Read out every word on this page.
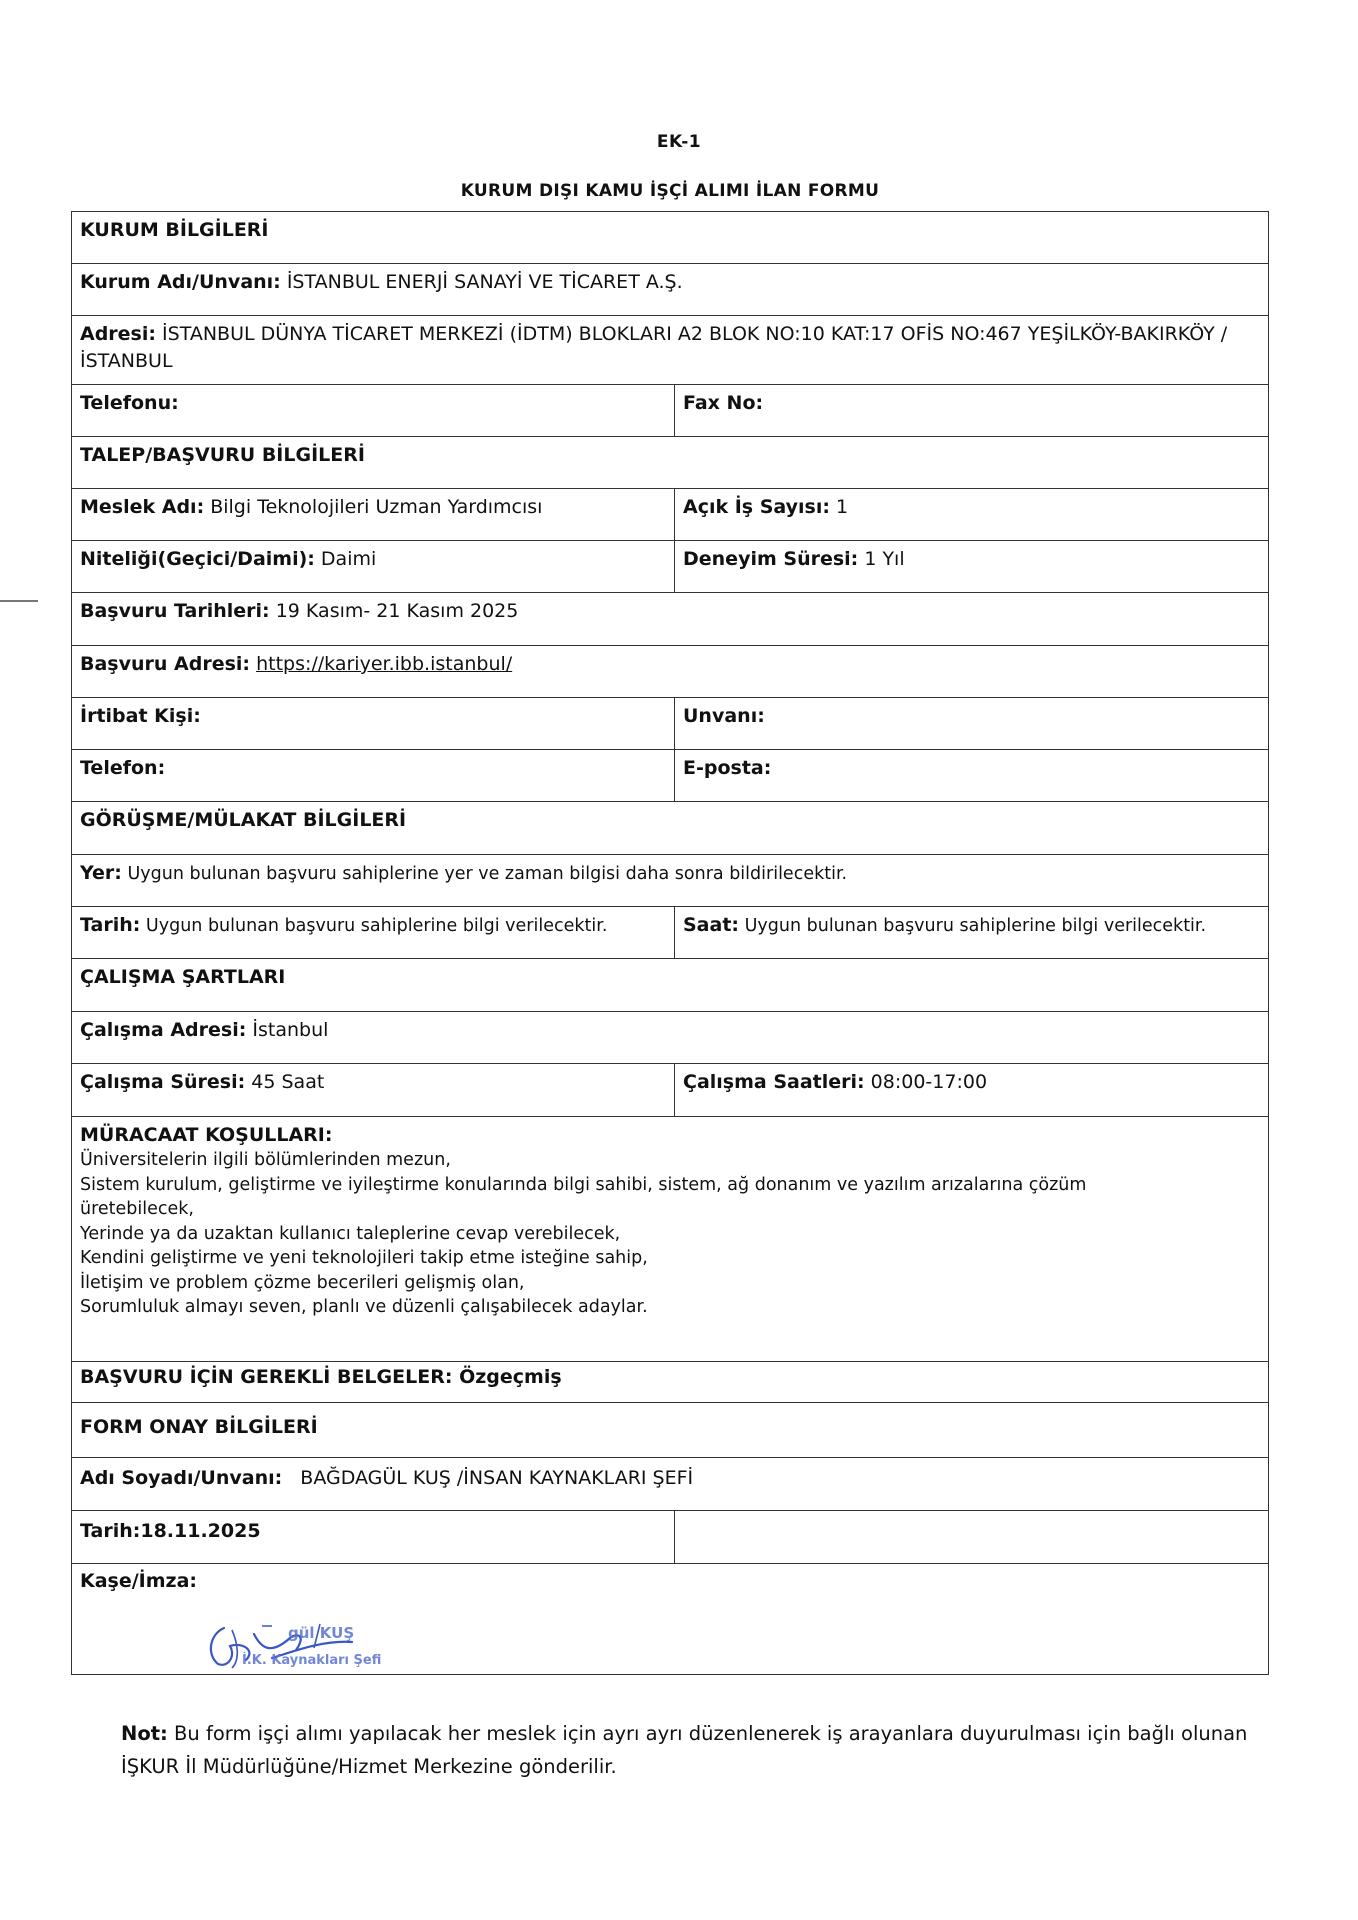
EK-1
KURUM DIŞI KAMU İŞÇİ ALIMI İLAN FORMU
KURUM BİLGİLERİ
Kurum Adı/Unvanı: İSTANBUL ENERJİ SANAYİ VE TİCARET A.Ş.
Adresi: İSTANBUL DÜNYA TİCARET MERKEZİ (İDTM) BLOKLARI A2 BLOK NO:10 KAT:17 OFİS NO:467 YEŞİLKÖY-BAKIRKÖY /İSTANBUL
Telefonu:	Fax No:
TALEP/BAŞVURU BİLGİLERİ
Meslek Adı: Bilgi Teknolojileri Uzman Yardımcısı	Açık İş Sayısı: 1
Niteliği(Geçici/Daimi): Daimi	Deneyim Süresi: 1 Yıl
Başvuru Tarihleri: 19 Kasım- 21 Kasım 2025
Başvuru Adresi: https://kariyer.ibb.istanbul/
İrtibat Kişi:	Unvanı:
Telefon:	E-posta:
GÖRÜŞME/MÜLAKAT BİLGİLERİ
Yer: Uygun bulunan başvuru sahiplerine yer ve zaman bilgisi daha sonra bildirilecektir.
Tarih: Uygun bulunan başvuru sahiplerine bilgi verilecektir.	Saat: Uygun bulunan başvuru sahiplerine bilgi verilecektir.
ÇALIŞMA ŞARTLARI
Çalışma Adresi: İstanbul
Çalışma Süresi: 45 Saat	Çalışma Saatleri: 08:00-17:00
MÜRACAAT KOŞULLARI:
Üniversitelerin ilgili bölümlerinden mezun,
Sistem kurulum, geliştirme ve iyileştirme konularında bilgi sahibi, sistem, ağ donanım ve yazılım arızalarına çözüm
üretebilecek,
Yerinde ya da uzaktan kullanıcı taleplerine cevap verebilecek,
Kendini geliştirme ve yeni teknolojileri takip etme isteğine sahip,
İletişim ve problem çözme becerileri gelişmiş olan,
Sorumluluk almayı seven, planlı ve düzenli çalışabilecek adaylar.
BAŞVURU İÇİN GEREKLİ BELGELER: Özgeçmiş
FORM ONAY BİLGİLERİ
Adı Soyadı/Unvanı: BAĞDAGÜL KUŞ /İNSAN KAYNAKLARI ŞEFİ
Tarih:18.11.2025
Kaşe/İmza:
gül KUŞ
İ.K. Kaynakları Şefi
Not: Bu form işçi alımı yapılacak her meslek için ayrı ayrı düzenlenerek iş arayanlara duyurulması için bağlı olunan İŞKUR İl Müdürlüğüne/Hizmet Merkezine gönderilir.
